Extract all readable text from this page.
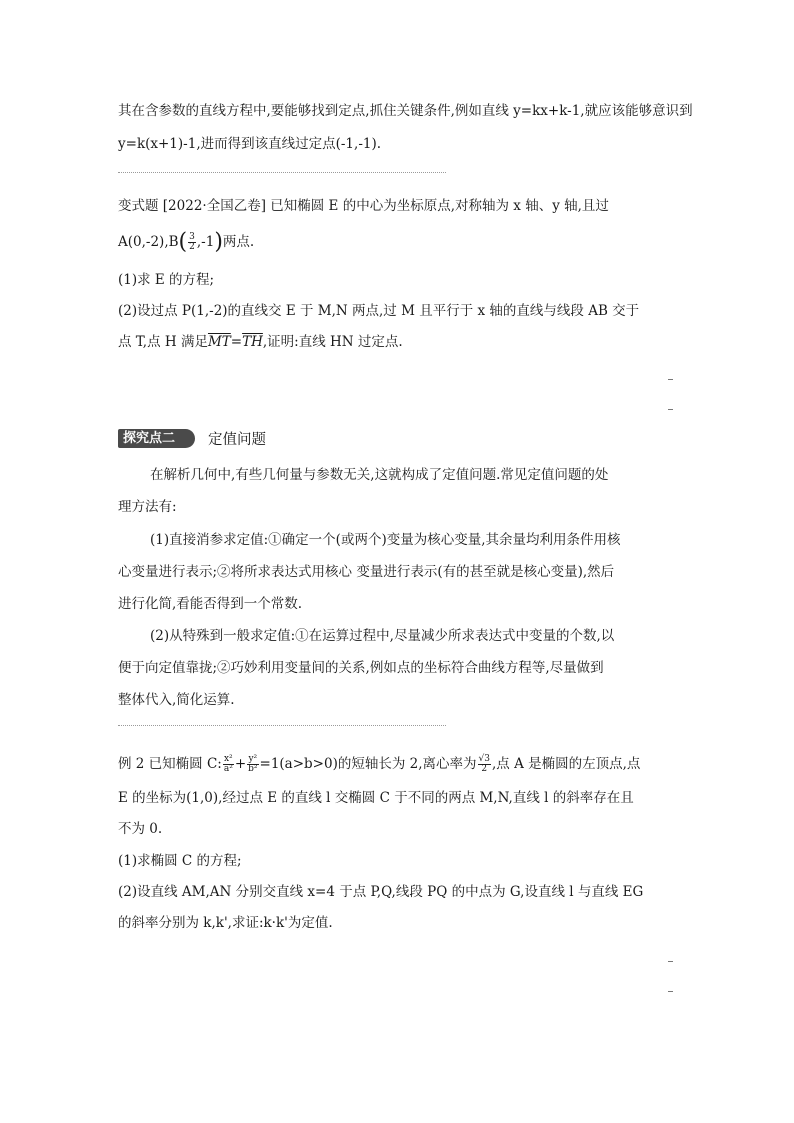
其在含参数的直线方程中,要能够找到定点,抓住关键条件,例如直线 y=kx+k-1,就应该能够意识到
y=k(x+1)-1,进而得到该直线过定点(-1,-1).
变式题 [2022·全国乙卷] 已知椭圆 E 的中心为坐标原点,对称轴为 x 轴、y 轴,且过
$A(0,-2),B( \frac{3}{2} ,-1)$两点.
(1)求 E 的方程;
(2)设过点 P(1,-2)的直线交 E 于 M,N 两点,过 M 且平行于 x 轴的直线与线段 AB 交于
点 T,点 H 满足$\overline{MT}=\overline{TH}$,证明:直线 HN 过定点.
探究点二	定值问题
在解析几何中,有些几何量与参数无关,这就构成了定值问题.常见定值问题的处
理方法有:
(1)直接消参求定值:①确定一个(或两个)变量为核心变量,其余量均利用条件用核
心变量进行表示;②将所求表达式用核心 变量进行表示(有的甚至就是核心变量),然后
进行化简,看能否得到一个常数.
(2)从特殊到一般求定值:①在运算过程中,尽量减少所求表达式中变量的个数,以
便于向定值靠拢;②巧妙利用变量间的关系,例如点的坐标符合曲线方程等,尽量做到
整体代入,简化运算.
例 2 已知椭圆 C: $\frac{\text{x²}}{\text{a²}} + \frac{\text{y²}}{\text{b²}} =1(a>b>0)$的短轴长为 2,离心率为 $\frac{√3}{2}$ ,点 A 是椭圆的左顶点,点
E 的坐标为(1,0),经过点 E 的直线 l 交椭圆 C 于不同的两点 M,N,直线 l 的斜率存在且
不为 0.
(1)求椭圆 C 的方程;
(2)设直线 AM,AN 分别交直线 x=4 于点 P,Q,线段 PQ 的中点为 G,设直线 l 与直线 EG
的斜率分别为 k,k',求证:k·k'为定值.
